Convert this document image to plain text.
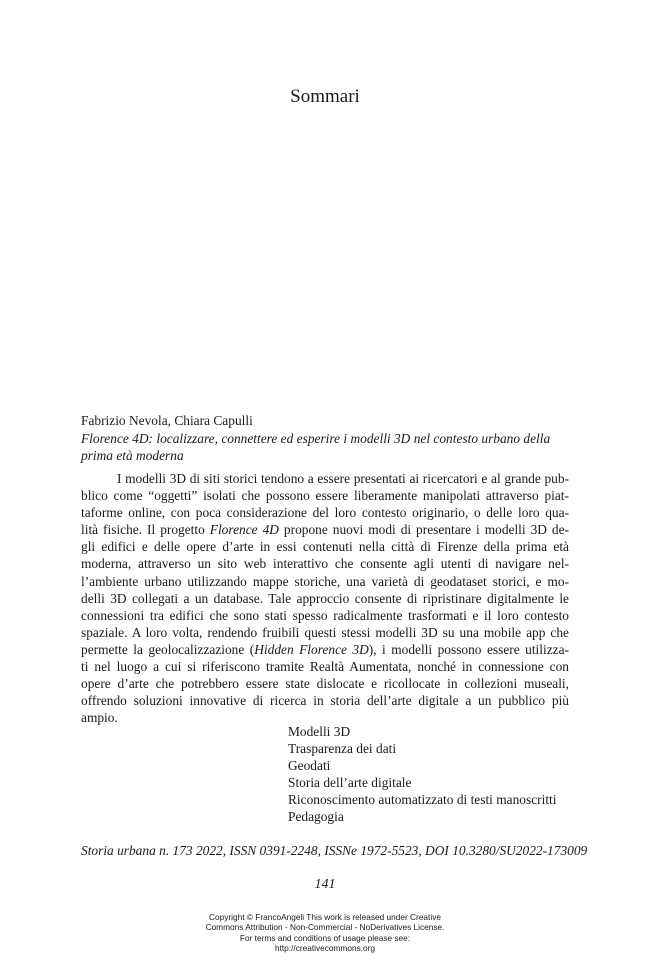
Sommari
Fabrizio Nevola, Chiara Capulli
Florence 4D: localizzare, connettere ed esperire i modelli 3D nel contesto urbano della prima età moderna
I modelli 3D di siti storici tendono a essere presentati ai ricercatori e al grande pub-
blico come “oggetti” isolati che possono essere liberamente manipolati attraverso piat-
taforme online, con poca considerazione del loro contesto originario, o delle loro qua-
lità fisiche. Il progetto Florence 4D propone nuovi modi di presentare i modelli 3D de-
gli edifici e delle opere d’arte in essi contenuti nella città di Firenze della prima età
moderna, attraverso un sito web interattivo che consente agli utenti di navigare nel-
l’ambiente urbano utilizzando mappe storiche, una varietà di geodataset storici, e mo-
delli 3D collegati a un database. Tale approccio consente di ripristinare digitalmente le
connessioni tra edifici che sono stati spesso radicalmente trasformati e il loro contesto
spaziale. A loro volta, rendendo fruibili questi stessi modelli 3D su una mobile app che
permette la geolocalizzazione (Hidden Florence 3D), i modelli possono essere utilizza-
ti nel luogo a cui si riferiscono tramite Realtà Aumentata, nonché in connessione con
opere d’arte che potrebbero essere state dislocate e ricollocate in collezioni museali,
offrendo soluzioni innovative di ricerca in storia dell’arte digitale a un pubblico più
ampio.
Modelli 3D
Trasparenza dei dati
Geodati
Storia dell’arte digitale
Riconoscimento automatizzato di testi manoscritti
Pedagogia
Storia urbana n. 173 2022, ISSN 0391-2248, ISSNe 1972-5523, DOI 10.3280/SU2022-173009
141
Copyright © FrancoAngeli This work is released under Creative
Commons Attribution - Non-Commercial - NoDerivatives License.
For terms and conditions of usage please see:
http://creativecommons.org
